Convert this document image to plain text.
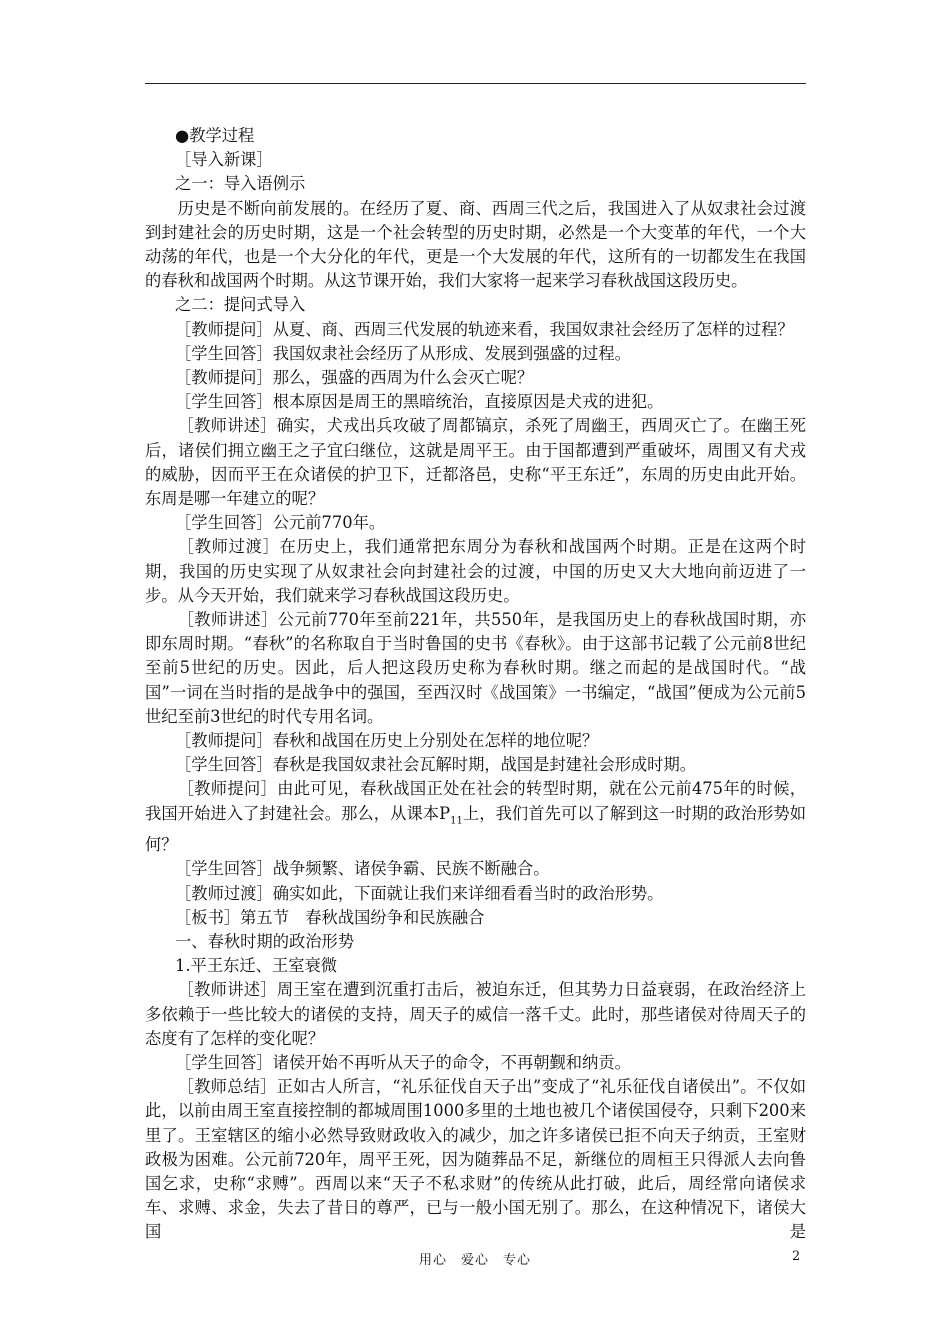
●教学过程

［导入新课］

之一：导入语例示

历史是不断向前发展的。在经历了夏、商、西周三代之后，我国进入了从奴隶社会过渡到封建社会的历史时期，这是一个社会转型的历史时期，必然是一个大变革的年代，一个大动荡的年代，也是一个大分化的年代，更是一个大发展的年代，这所有的一切都发生在我国的春秋和战国两个时期。从这节课开始，我们大家将一起来学习春秋战国这段历史。

之二：提问式导入

［教师提问］从夏、商、西周三代发展的轨迹来看，我国奴隶社会经历了怎样的过程？

［学生回答］我国奴隶社会经历了从形成、发展到强盛的过程。

［教师提问］那么，强盛的西周为什么会灭亡呢？

［学生回答］根本原因是周王的黑暗统治，直接原因是犬戎的进犯。

［教师讲述］确实，犬戎出兵攻破了周都镐京，杀死了周幽王，西周灭亡了。在幽王死后，诸侯们拥立幽王之子宜臼继位，这就是周平王。由于国都遭到严重破坏，周围又有犬戎的威胁，因而平王在众诸侯的护卫下，迁都洛邑，史称“平王东迁”，东周的历史由此开始。东周是哪一年建立的呢？

［学生回答］公元前770年。

［教师过渡］在历史上，我们通常把东周分为春秋和战国两个时期。正是在这两个时期，我国的历史实现了从奴隶社会向封建社会的过渡，中国的历史又大大地向前迈进了一步。从今天开始，我们就来学习春秋战国这段历史。

［教师讲述］公元前770年至前221年，共550年，是我国历史上的春秋战国时期，亦即东周时期。“春秋”的名称取自于当时鲁国的史书《春秋》。由于这部书记载了公元前8世纪至前5世纪的历史。因此，后人把这段历史称为春秋时期。继之而起的是战国时代。“战国”一词在当时指的是战争中的强国，至西汉时《战国策》一书编定，“战国”便成为公元前5世纪至前3世纪的时代专用名词。

［教师提问］春秋和战国在历史上分别处在怎样的地位呢？

［学生回答］春秋是我国奴隶社会瓦解时期，战国是封建社会形成时期。

［教师提问］由此可见，春秋战国正处在社会的转型时期，就在公元前475年的时候，我国开始进入了封建社会。那么，从课本$P_{11}$上，我们首先可以了解到这一时期的政治形势如何？

［学生回答］战争频繁、诸侯争霸、民族不断融合。

［教师过渡］确实如此，下面就让我们来详细看看当时的政治形势。

［板书］第五节　春秋战国纷争和民族融合

一、春秋时期的政治形势

1.平王东迁、王室衰微

［教师讲述］周王室在遭到沉重打击后，被迫东迁，但其势力日益衰弱，在政治经济上多依赖于一些比较大的诸侯的支持，周天子的威信一落千丈。此时，那些诸侯对待周天子的态度有了怎样的变化呢？

［学生回答］诸侯开始不再听从天子的命令，不再朝觐和纳贡。

［教师总结］正如古人所言，“礼乐征伐自天子出”变成了“礼乐征伐自诸侯出”。不仅如此，以前由周王室直接控制的都城周围1000多里的土地也被几个诸侯国侵夺，只剩下200来里了。王室辖区的缩小必然导致财政收入的减少，加之许多诸侯已拒不向天子纳贡，王室财政极为困难。公元前720年，周平王死，因为随葬品不足，新继位的周桓王只得派人去向鲁国乞求，史称“求赙”。西周以来“天子不私求财”的传统从此打破，此后，周经常向诸侯求车、求赙、求金，失去了昔日的尊严，已与一般小国无别了。那么，在这种情况下，诸侯大国是

用心　爱心　专心	2
